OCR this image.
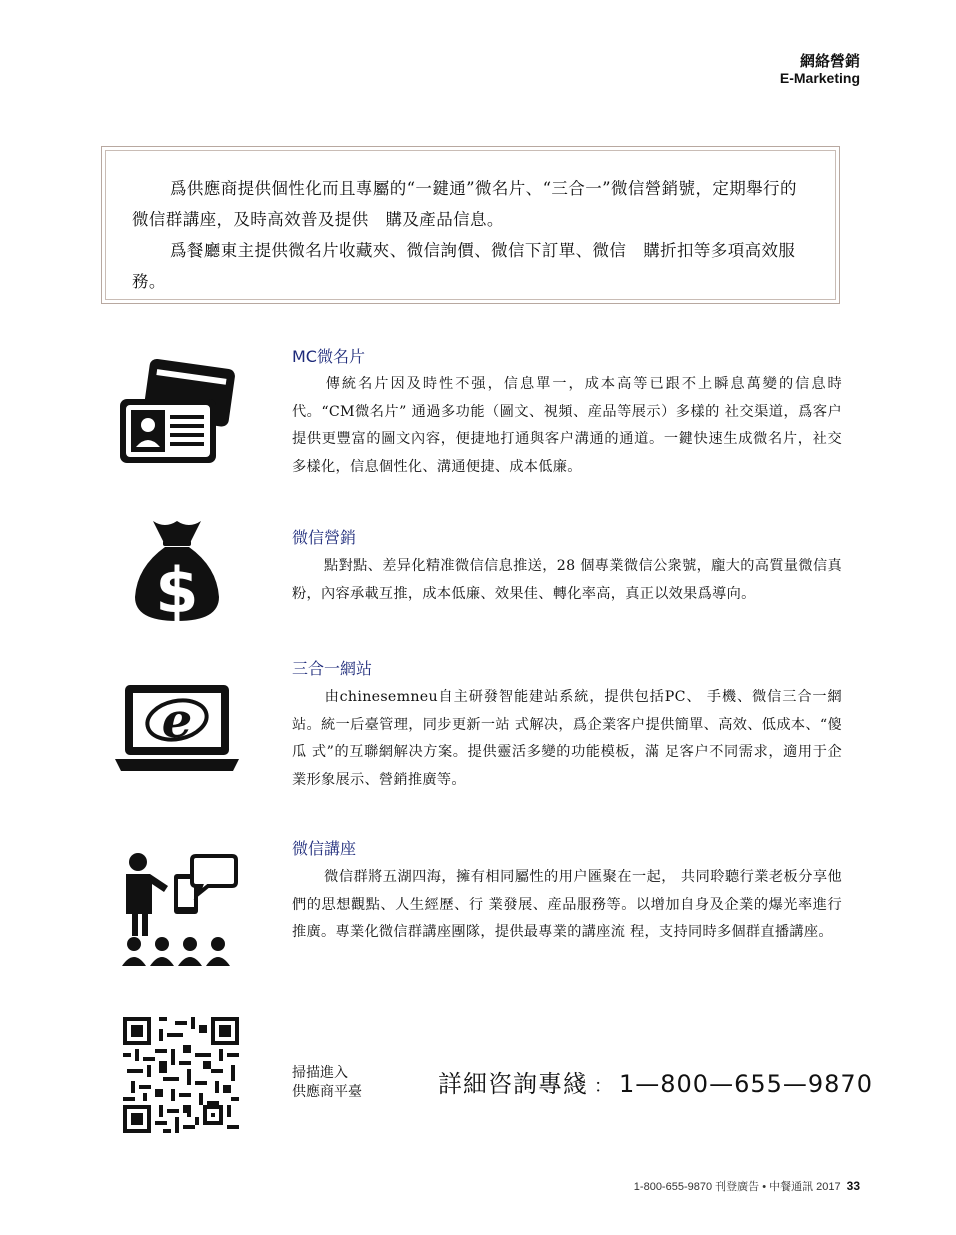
網絡營銷
E-Marketing

爲供應商提供個性化而且專屬的“一鍵通”微名片、“三合一”微信營銷號，定期舉行的微信群講座，及時高效普及提供　購及產品信息。

爲餐廳東主提供微名片收藏夾、微信詢價、微信下訂單、微信　購折扣等多項高效服務。

MC微名片
傳統名片因及時性不强，信息單一，成本高等已跟不上瞬息萬變的信息時代。“CM微名片” 通過多功能（圖文、視頻、産品等展示）多樣的 社交渠道，爲客户提供更豐富的圖文內容，便捷地打通與客户溝通的通道。一鍵快速生成微名片，社交 多樣化，信息個性化、溝通便捷、成本低廉。
$
微信營銷
點對點、差异化精准微信信息推送，28 個專業微信公衆號，龐大的高質量微信真粉，內容承載互推，成本低廉、效果佳、轉化率高，真正以效果爲導向。
e
三合一網站
由chinesemneu自主研發智能建站系統，提供包括PC、 手機、微信三合一網站。統一后臺管理，同步更新一站 式解决，爲企業客户提供簡單、高效、低成本、“傻瓜 式”的互聯網解决方案。提供靈活多變的功能模板，滿 足客户不同需求，適用于企業形象展示、營銷推廣等。
微信講座
微信群將五湖四海，擁有相同屬性的用户匯聚在一起， 共同聆聽行業老板分享他們的思想觀點、人生經歷、行 業發展、産品服務等。以增加自身及企業的爆光率進行 推廣。專業化微信群講座團隊，提供最專業的講座流 程，支持同時多個群直播講座。
掃描進入
供應商平臺	詳細咨詢專綫 ： 1—800—655—9870
1-800-655-9870 刊登廣告 • 中餐通訊 2017 33
